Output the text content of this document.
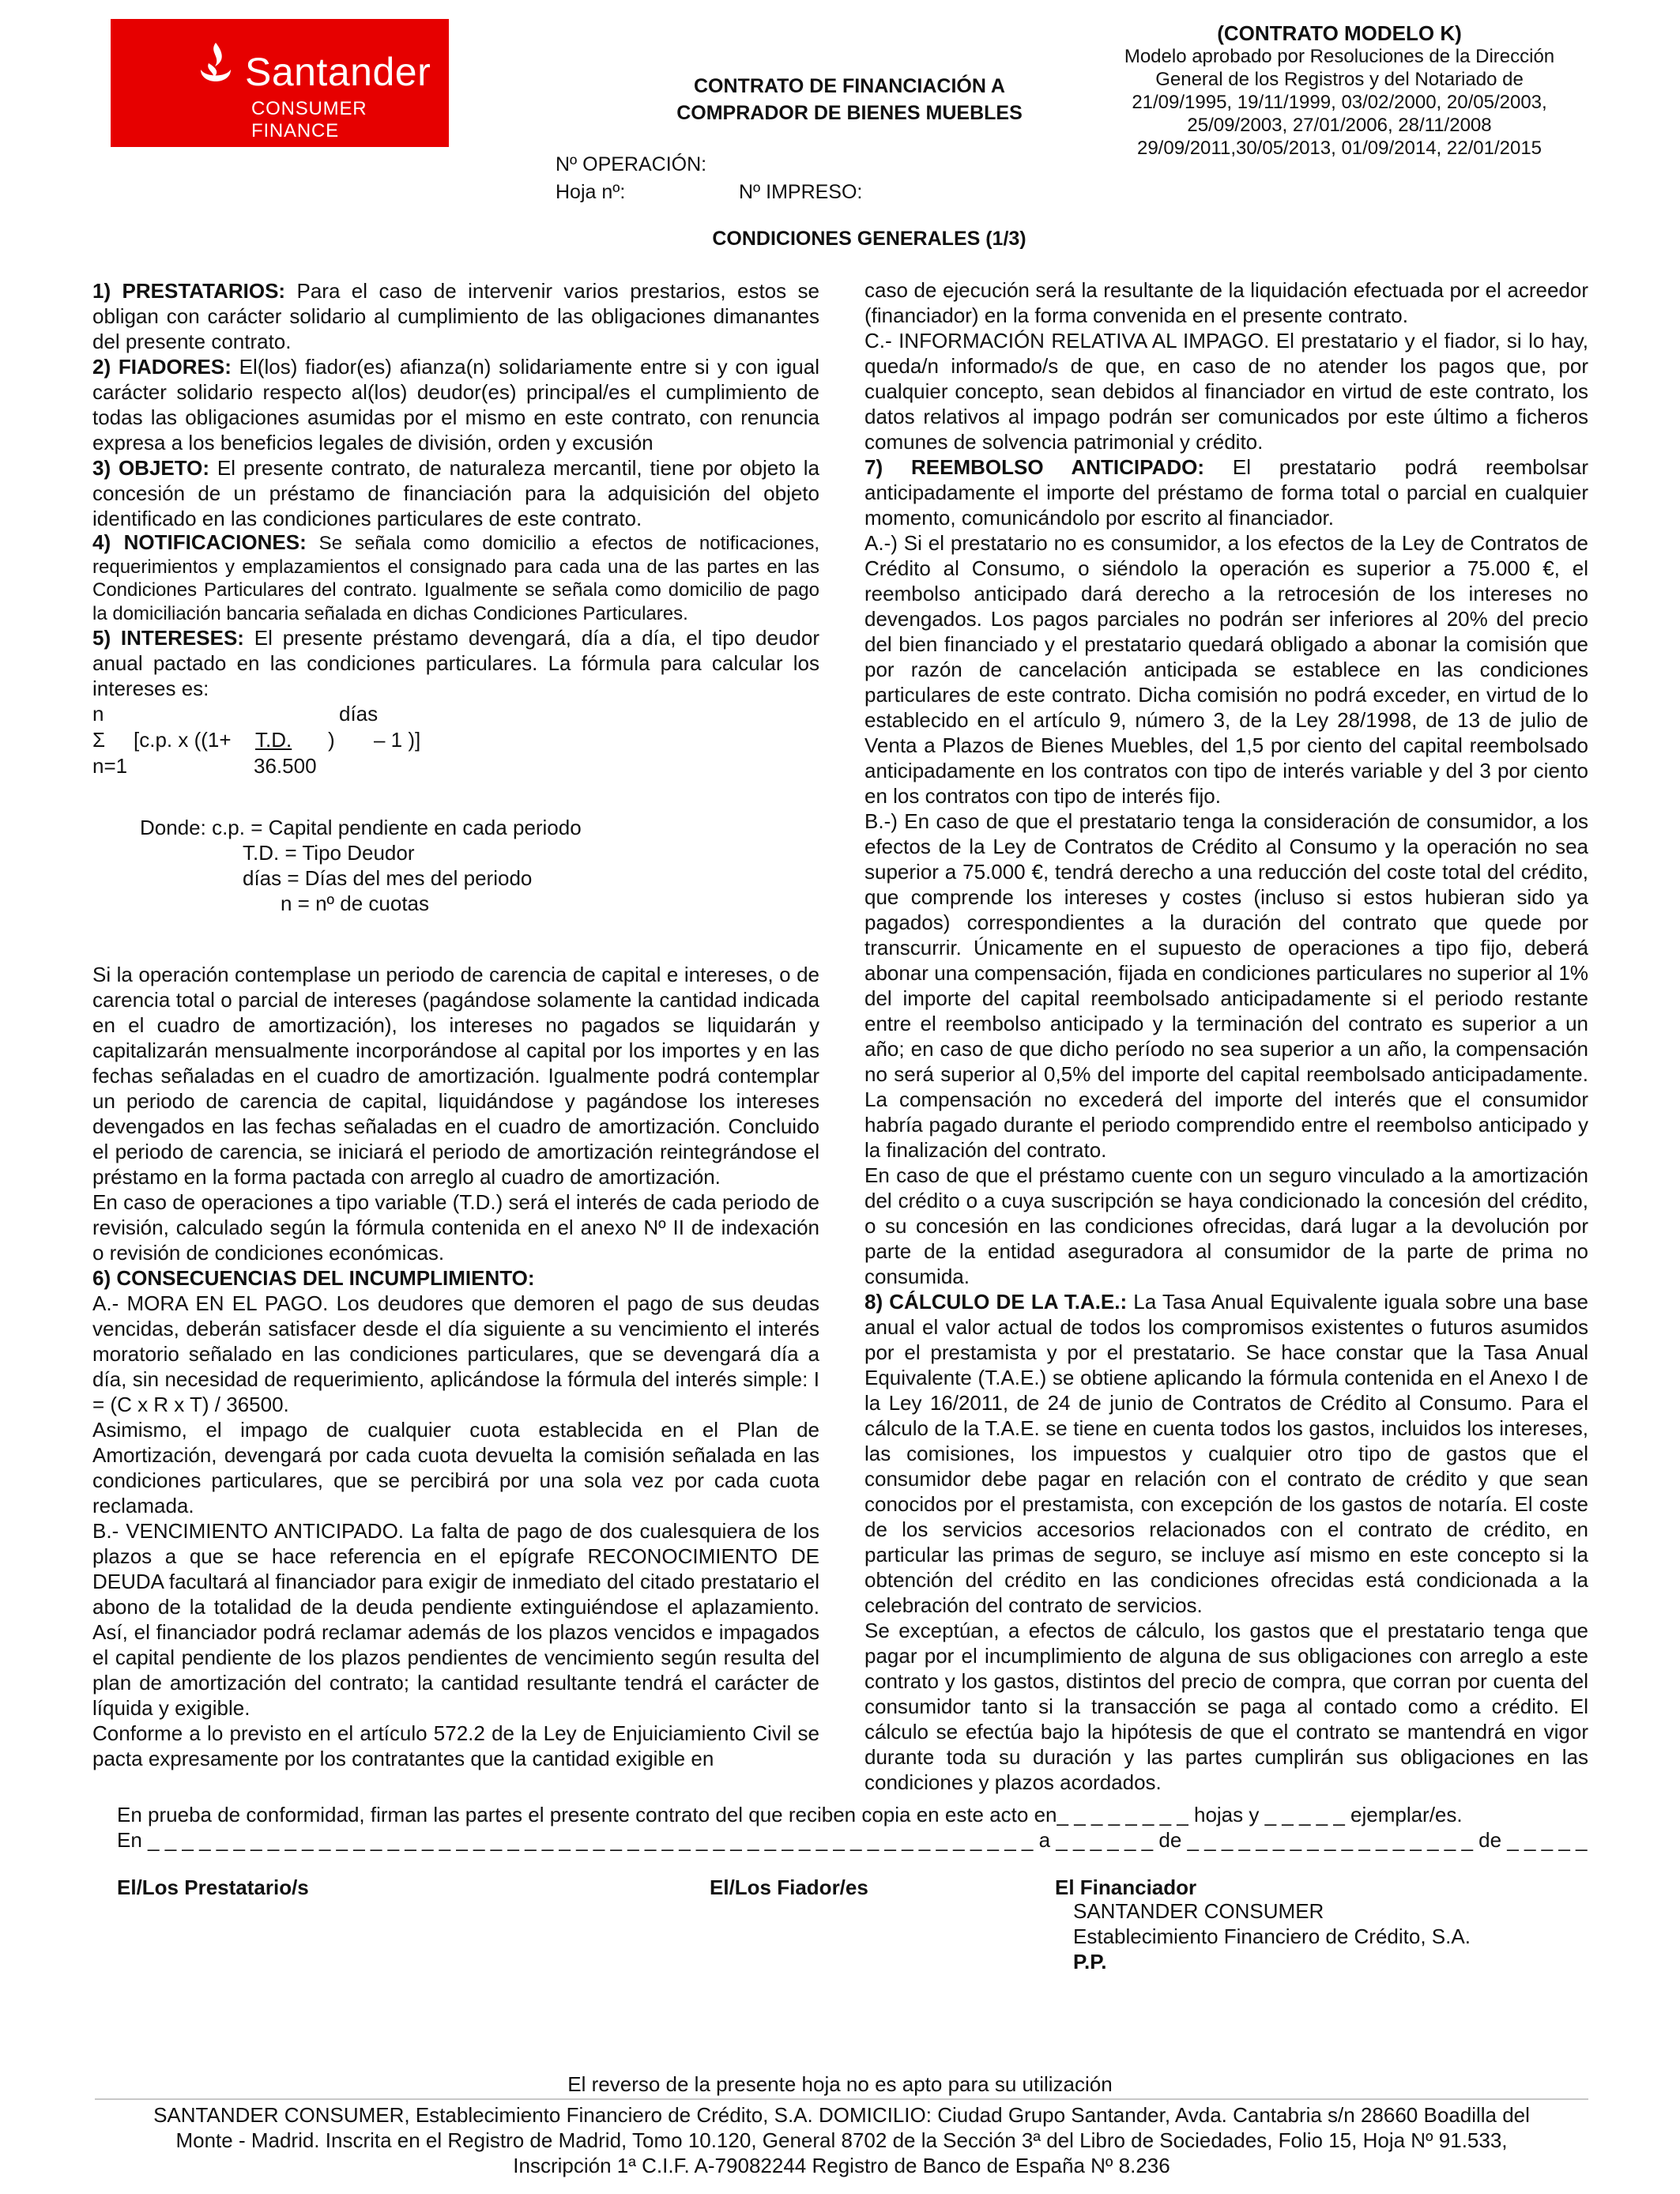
Santander
CONSUMER FINANCE
CONTRATO DE FINANCIACIÓN A
COMPRADOR DE BIENES MUEBLES
(CONTRATO MODELO K)
Modelo aprobado por Resoluciones de la Dirección
General de los Registros y del Notariado de
21/09/1995, 19/11/1999, 03/02/2000, 20/05/2003,
25/09/2003, 27/01/2006, 28/11/2008
29/09/2011,30/05/2013, 01/09/2014, 22/01/2015
Nº OPERACIÓN:
Hoja nº:	Nº IMPRESO:
CONDICIONES GENERALES (1/3)

1) PRESTATARIOS: Para el caso de intervenir varios prestarios, estos se obligan con carácter solidario al cumplimiento de las obligaciones dimanantes del presente contrato.

2) FIADORES: El(los) fiador(es) afianza(n) solidariamente entre si y con igual carácter solidario respecto al(los) deudor(es) principal/es el cumplimiento de todas las obligaciones asumidas por el mismo en este contrato, con renuncia expresa a los beneficios legales de división, orden y excusión

3) OBJETO: El presente contrato, de naturaleza mercantil, tiene por objeto la concesión de un préstamo de financiación para la adquisición del objeto identificado en las condiciones particulares de este contrato.

4) NOTIFICACIONES: Se señala como domicilio a efectos de notificaciones, requerimientos y emplazamientos el consignado para cada una de las partes en las Condiciones Particulares del contrato. Igualmente se señala como domicilio de pago la domiciliación bancaria señalada en dichas Condiciones Particulares.

5) INTERESES: El presente préstamo devengará, día a día, el tipo deudor anual pactado en las condiciones particulares. La fórmula para calcular los intereses es:

n	días
Σ [c.p. x ((1+ T.D. ) – 1 )]
n=1	36.500
Donde: c.p. = Capital pendiente en cada periodo
T.D. = Tipo Deudor
días = Días del mes del periodo
n = nº de cuotas

Si la operación contemplase un periodo de carencia de capital e intereses, o de carencia total o parcial de intereses (pagándose solamente la cantidad indicada en el cuadro de amortización), los intereses no pagados se liquidarán y capitalizarán mensualmente incorporándose al capital por los importes y en las fechas señaladas en el cuadro de amortización. Igualmente podrá contemplar un periodo de carencia de capital, liquidándose y pagándose los intereses devengados en las fechas señaladas en el cuadro de amortización. Concluido el periodo de carencia, se iniciará el periodo de amortización reintegrándose el préstamo en la forma pactada con arreglo al cuadro de amortización.

En caso de operaciones a tipo variable (T.D.) será el interés de cada periodo de revisión, calculado según la fórmula contenida en el anexo Nº II de indexación o revisión de condiciones económicas.

6) CONSECUENCIAS DEL INCUMPLIMIENTO:

A.- MORA EN EL PAGO. Los deudores que demoren el pago de sus deudas vencidas, deberán satisfacer desde el día siguiente a su vencimiento el interés moratorio señalado en las condiciones particulares, que se devengará día a día, sin necesidad de requerimiento, aplicándose la fórmula del interés simple: I = (C x R x T) / 36500.

Asimismo, el impago de cualquier cuota establecida en el Plan de Amortización, devengará por cada cuota devuelta la comisión señalada en las condiciones particulares, que se percibirá por una sola vez por cada cuota reclamada.

B.- VENCIMIENTO ANTICIPADO. La falta de pago de dos cualesquiera de los plazos a que se hace referencia en el epígrafe RECONOCIMIENTO DE DEUDA facultará al financiador para exigir de inmediato del citado prestatario el abono de la totalidad de la deuda pendiente extinguiéndose el aplazamiento. Así, el financiador podrá reclamar además de los plazos vencidos e impagados el capital pendiente de los plazos pendientes de vencimiento según resulta del plan de amortización del contrato; la cantidad resultante tendrá el carácter de líquida y exigible.

Conforme a lo previsto en el artículo 572.2 de la Ley de Enjuiciamiento Civil se pacta expresamente por los contratantes que la cantidad exigible en

caso de ejecución será la resultante de la liquidación efectuada por el acreedor (financiador) en la forma convenida en el presente contrato.

C.- INFORMACIÓN RELATIVA AL IMPAGO. El prestatario y el fiador, si lo hay, queda/n informado/s de que, en caso de no atender los pagos que, por cualquier concepto, sean debidos al financiador en virtud de este contrato, los datos relativos al impago podrán ser comunicados por este último a ficheros comunes de solvencia patrimonial y crédito.

7) REEMBOLSO ANTICIPADO: El prestatario podrá reembolsar anticipadamente el importe del préstamo de forma total o parcial en cualquier momento, comunicándolo por escrito al financiador.

A.-) Si el prestatario no es consumidor, a los efectos de la Ley de Contratos de Crédito al Consumo, o siéndolo la operación es superior a 75.000 €, el reembolso anticipado dará derecho a la retrocesión de los intereses no devengados. Los pagos parciales no podrán ser inferiores al 20% del precio del bien financiado y el prestatario quedará obligado a abonar la comisión que por razón de cancelación anticipada se establece en las condiciones particulares de este contrato. Dicha comisión no podrá exceder, en virtud de lo establecido en el artículo 9, número 3, de la Ley 28/1998, de 13 de julio de Venta a Plazos de Bienes Muebles, del 1,5 por ciento del capital reembolsado anticipadamente en los contratos con tipo de interés variable y del 3 por ciento en los contratos con tipo de interés fijo.

B.-) En caso de que el prestatario tenga la consideración de consumidor, a los efectos de la Ley de Contratos de Crédito al Consumo y la operación no sea superior a 75.000 €, tendrá derecho a una reducción del coste total del crédito, que comprende los intereses y costes (incluso si estos hubieran sido ya pagados) correspondientes a la duración del contrato que quede por transcurrir. Únicamente en el supuesto de operaciones a tipo fijo, deberá abonar una compensación, fijada en condiciones particulares no superior al 1% del importe del capital reembolsado anticipadamente si el periodo restante entre el reembolso anticipado y la terminación del contrato es superior a un año; en caso de que dicho período no sea superior a un año, la compensación no será superior al 0,5% del importe del capital reembolsado anticipadamente. La compensación no excederá del importe del interés que el consumidor habría pagado durante el periodo comprendido entre el reembolso anticipado y la finalización del contrato.

En caso de que el préstamo cuente con un seguro vinculado a la amortización del crédito o a cuya suscripción se haya condicionado la concesión del crédito, o su concesión en las condiciones ofrecidas, dará lugar a la devolución por parte de la entidad aseguradora al consumidor de la parte de prima no consumida.

8) CÁLCULO DE LA T.A.E.: La Tasa Anual Equivalente iguala sobre una base anual el valor actual de todos los compromisos existentes o futuros asumidos por el prestamista y por el prestatario. Se hace constar que la Tasa Anual Equivalente (T.A.E.) se obtiene aplicando la fórmula contenida en el Anexo I de la Ley 16/2011, de 24 de junio de Contratos de Crédito al Consumo. Para el cálculo de la T.A.E. se tiene en cuenta todos los gastos, incluidos los intereses, las comisiones, los impuestos y cualquier otro tipo de gastos que el consumidor debe pagar en relación con el contrato de crédito y que sean conocidos por el prestamista, con excepción de los gastos de notaría. El coste de los servicios accesorios relacionados con el contrato de crédito, en particular las primas de seguro, se incluye así mismo en este concepto si la obtención del crédito en las condiciones ofrecidas está condicionada a la celebración del contrato de servicios.

Se exceptúan, a efectos de cálculo, los gastos que el prestatario tenga que pagar por el incumplimiento de alguna de sus obligaciones con arreglo a este contrato y los gastos, distintos del precio de compra, que corran por cuenta del consumidor tanto si la transacción se paga al contado como a crédito. El cálculo se efectúa bajo la hipótesis de que el contrato se mantendrá en vigor durante toda su duración y las partes cumplirán sus obligaciones en las condiciones y plazos acordados.

En prueba de conformidad, firman las partes el presente contrato del que reciben copia en este acto en_ _ _ _ _ _ _ _ hojas y _ _ _ _ _ ejemplar/es.
En _ _ _ _ _ _ _ _ _ _ _ _ _ _ _ _ _ _ _ _ _ _ _ _ _ _ _ _ _ _ _ _ _ _ _ _ _ _ _ _ _ _ _ _ _ _ _ _ _ _ _ _ a _ _ _ _ _ _ de _ _ _ _ _ _ _ _ _ _ _ _ _ _ _ _ _ de _ _ _ _ _
El/Los Prestatario/s	El/Los Fiador/es	El Financiador
SANTANDER CONSUMER
Establecimiento Financiero de Crédito, S.A.
P.P.
El reverso de la presente hoja no es apto para su utilización
SANTANDER CONSUMER, Establecimiento Financiero de Crédito, S.A. DOMICILIO: Ciudad Grupo Santander, Avda. Cantabria s/n 28660 Boadilla del
Monte - Madrid. Inscrita en el Registro de Madrid, Tomo 10.120, General 8702 de la Sección 3ª del Libro de Sociedades, Folio 15, Hoja Nº 91.533,
Inscripción 1ª C.I.F. A-79082244 Registro de Banco de España Nº 8.236
